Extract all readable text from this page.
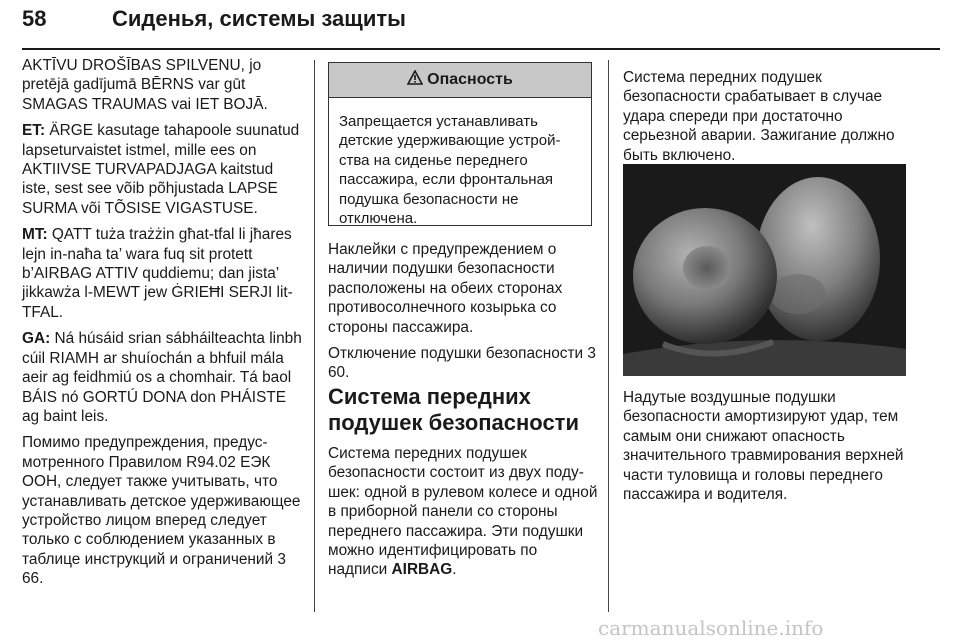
58	Сиденья, системы защиты

AKTĪVU DROŠĪBAS SPILVENU, jo pretējā gadījumā BĒRNS var gūt SMAGAS TRAUMAS vai IET BOJĀ.

ET: ÄRGE kasutage tahapoole suunatud lapseturvaistet istmel, mille ees on AKTIIVSE TURVAPADJAGA kaitstud iste, sest see võib põhjustada LAPSE SURMA või TÕSISE VIGASTUSE.

MT: QATT tuża trażżin għat-tfal li jħares lejn in-naħa ta’ wara fuq sit protett b’AIRBAG ATTIV quddiemu; dan jista’ jikkawża l-MEWT jew ĠRIEĦI SERJI lit-TFAL.

GA: Ná húsáid srian sábháilteachta linbh cúil RIAMH ar shuíochán a bhfuil mála aeir ag feidhmiú os a chomhair. Tá baol BÁIS nó GORTÚ DONA don PHÁISTE ag baint leis.

Помимо предупреждения, предусмотренного Правилом R94.02 ЕЭК ООН, следует также учитывать, что устанавливать детское удерживающее устройство лицом вперед следует только с соблюдением указанных в таблице инструкций и ограничений 3 66.

Опасность
Запрещается устанавливать детские удерживающие устройства на сиденье переднего пассажира, если фронтальная подушка безопасности не отключена.

Наклейки с предупреждением о наличии подушки безопасности расположены на обеих сторонах противосолнечного козырька со стороны пассажира.

Отключение подушки безопасности 3 60.

Система передних подушек безопасности
Система передних подушек безопасности состоит из двух подушек: одной в рулевом колесе и одной в приборной панели со стороны переднего пассажира. Эти подушки можно идентифицировать по надписи AIRBAG.
Система передних подушек безопасности срабатывает в случае удара спереди при достаточно серьезной аварии. Зажигание должно быть включено.
Надутые воздушные подушки безопасности амортизируют удар, тем самым они снижают опасность значительного травмирования верхней части туловища и головы переднего пассажира и водителя.
carmanualsonline.info
